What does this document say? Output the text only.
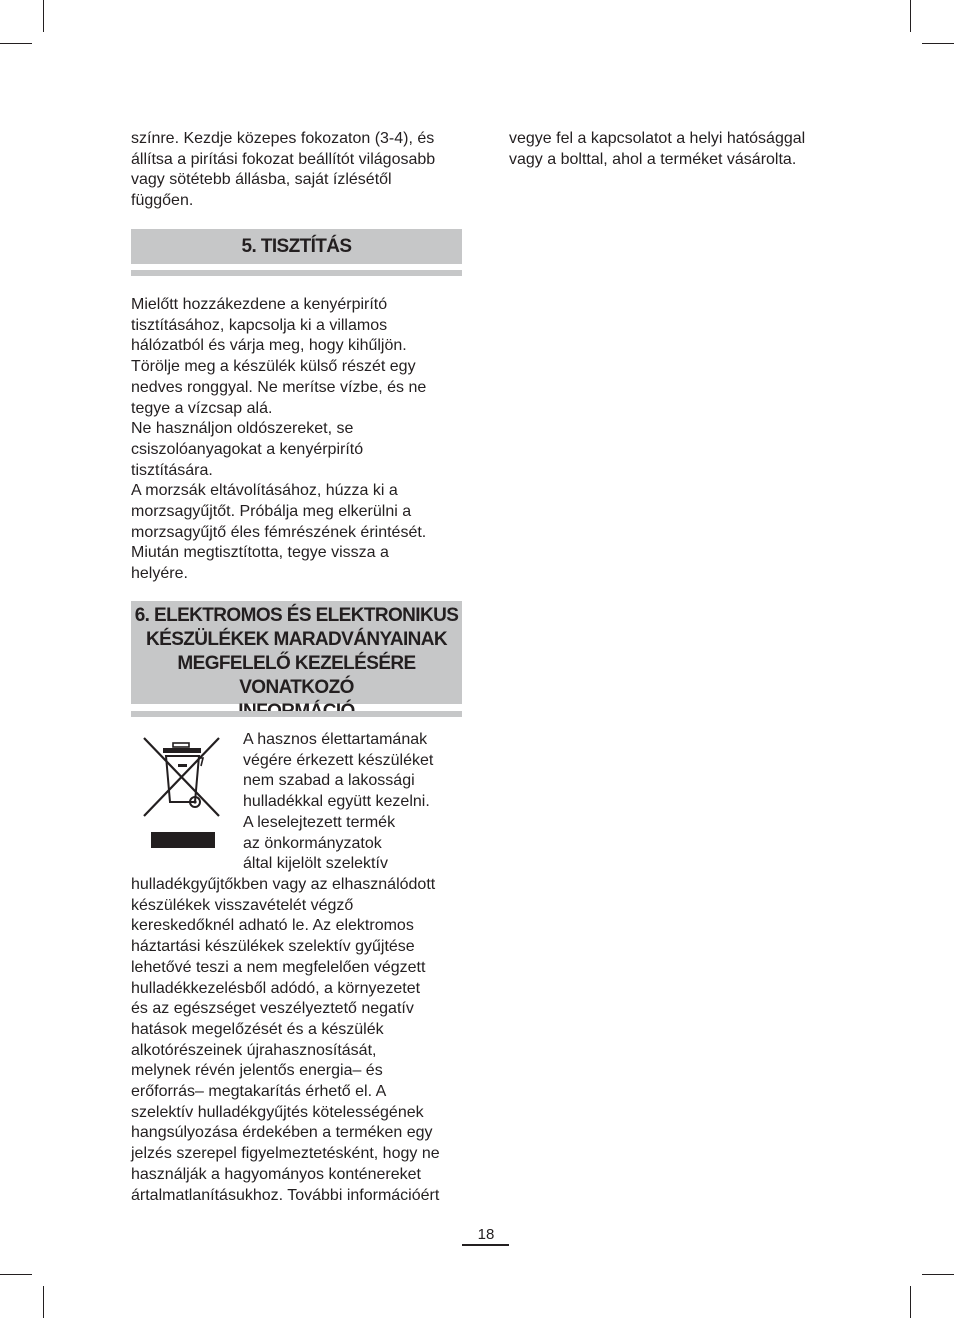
színre. Kezdje közepes fokozaton (3-4), és
állítsa a pirítási fokozat beállítót világosabb
vagy sötétebb állásba, saját ízlésétől
függően.
5. TISZTÍTÁS
Mielőtt hozzákezdene a kenyérpirító
tisztításához, kapcsolja ki a villamos
hálózatból és várja meg, hogy kihűljön.
Törölje meg a készülék külső részét egy
nedves ronggyal. Ne merítse vízbe, és ne
tegye a vízcsap alá.
Ne használjon oldószereket, se
csiszolóanyagokat a kenyérpirító
tisztítására.
A morzsák eltávolításához, húzza ki a
morzsagyűjtőt. Próbálja meg elkerülni a
morzsagyűjtő éles fémrészének érintését.
Miután megtisztította, tegye vissza a
helyére.
6. ELEKTROMOS ÉS ELEKTRONIKUS
KÉSZÜLÉKEK MARADVÁNYAINAK
MEGFELELŐ KEZELÉSÉRE VONATKOZÓ
A hasznos élettartamának
végére érkezett készüléket
nem szabad a lakossági
hulladékkal együtt kezelni.
A leselejtezett termék
az önkormányzatok
által kijelölt szelektív
hulladékgyűjtőkben vagy az elhasználódott
készülékek visszavételét végző
kereskedőknél adható le. Az elektromos
háztartási készülékek szelektív gyűjtése
lehetővé teszi a nem megfelelően végzett
hulladékkezelésből adódó, a környezetet
és az egészséget veszélyeztető negatív
hatások megelőzését és a készülék
alkotórészeinek újrahasznosítását,
melynek révén jelentős energia– és
erőforrás– megtakarítás érhető el. A
szelektív hulladékgyűjtés kötelességének
hangsúlyozása érdekében a terméken egy
jelzés szerepel figyelmeztetésként, hogy ne
használják a hagyományos konténereket
ártalmatlanításukhoz. További információért
vegye fel a kapcsolatot a helyi hatósággal
vagy a bolttal, ahol a terméket vásárolta.
18
